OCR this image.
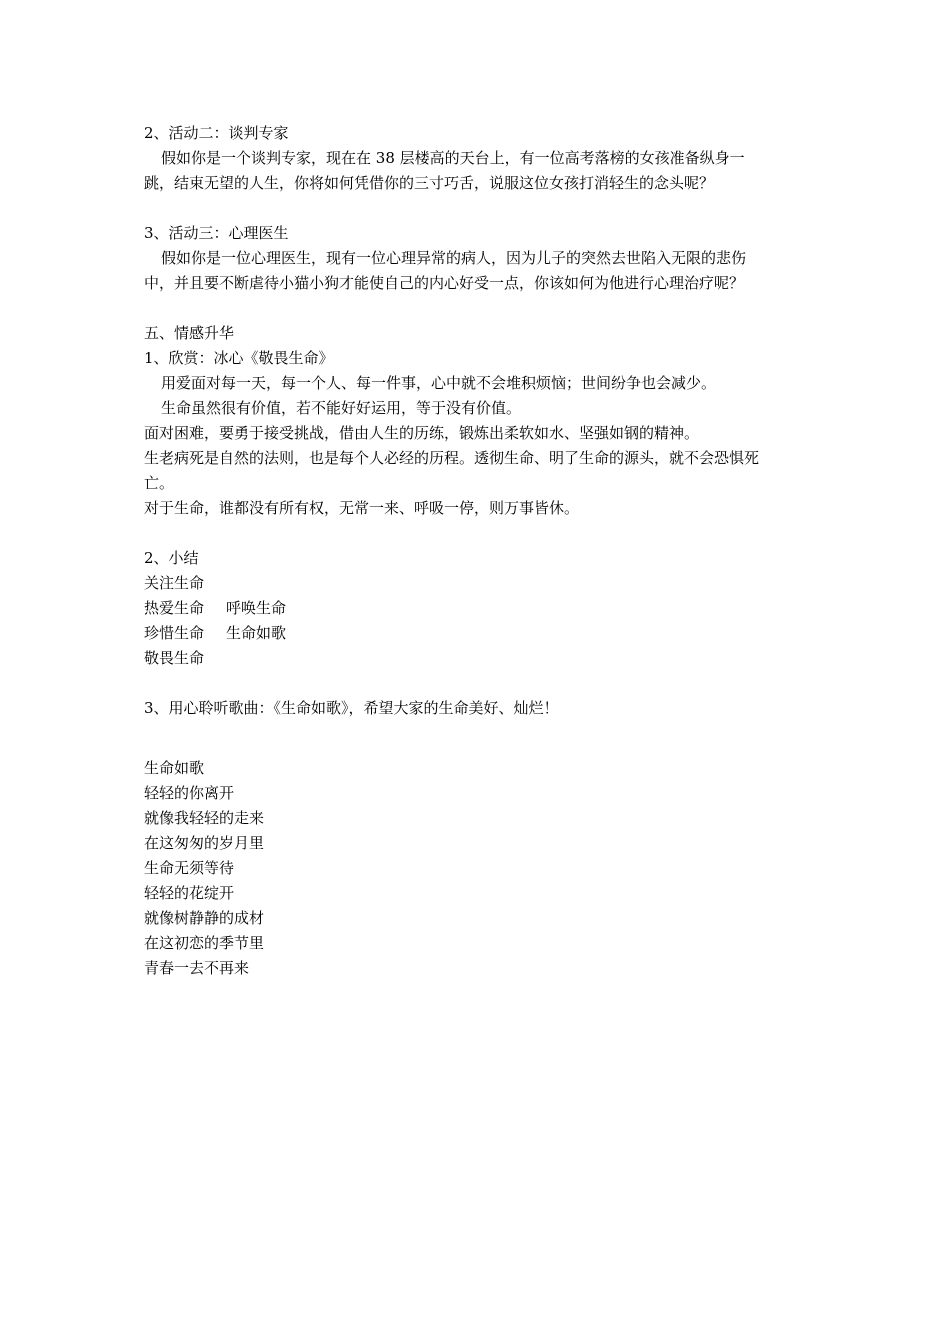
2、活动二：谈判专家
假如你是一个谈判专家，现在在 38 层楼高的天台上，有一位高考落榜的女孩准备纵身一
跳，结束无望的人生，你将如何凭借你的三寸巧舌，说服这位女孩打消轻生的念头呢？
3、活动三：心理医生
假如你是一位心理医生，现有一位心理异常的病人，因为儿子的突然去世陷入无限的悲伤
中，并且要不断虐待小猫小狗才能使自己的内心好受一点，你该如何为他进行心理治疗呢？
五、情感升华
1、欣赏：冰心《敬畏生命》
用爱面对每一天，每一个人、每一件事，心中就不会堆积烦恼；世间纷争也会减少。
生命虽然很有价值，若不能好好运用，等于没有价值。
面对困难，要勇于接受挑战，借由人生的历练，锻炼出柔软如水、坚强如钢的精神。
生老病死是自然的法则，也是每个人必经的历程。透彻生命、明了生命的源头，就不会恐惧死
亡。
对于生命，谁都没有所有权，无常一来、呼吸一停，则万事皆休。
2、小结
关注生命
热爱生命 呼唤生命
珍惜生命 生命如歌
敬畏生命
3、用心聆听歌曲：《生命如歌》，希望大家的生命美好、灿烂！
生命如歌
轻轻的你离开
就像我轻轻的走来
在这匆匆的岁月里
生命无须等待
轻轻的花绽开
就像树静静的成材
在这初恋的季节里
青春一去不再来
